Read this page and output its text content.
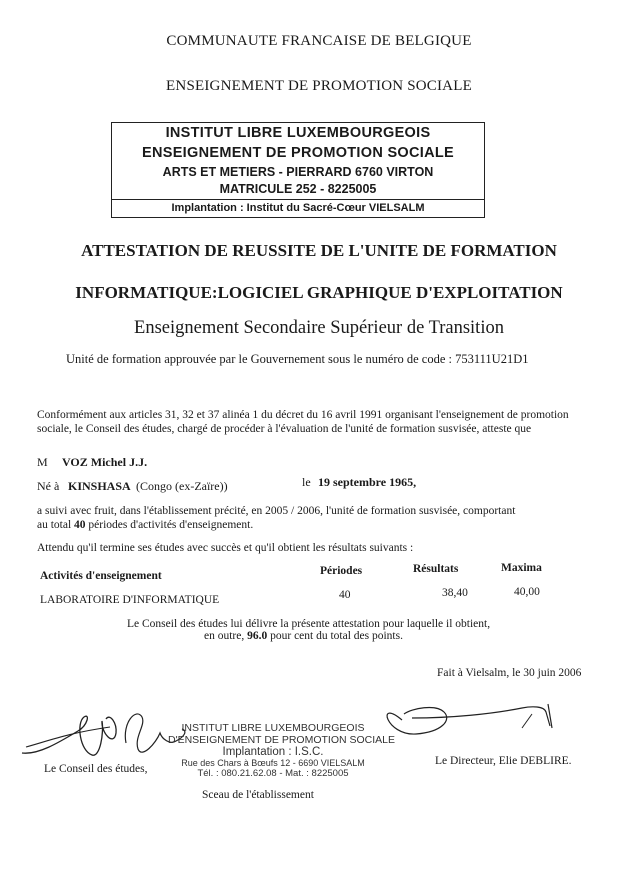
COMMUNAUTE FRANCAISE DE BELGIQUE
ENSEIGNEMENT DE PROMOTION SOCIALE
INSTITUT LIBRE LUXEMBOURGEOIS
ENSEIGNEMENT DE PROMOTION SOCIALE
ARTS ET METIERS - PIERRARD 6760 VIRTON
MATRICULE 252 - 8225005
Implantation : Institut du Sacré-Cœur VIELSALM
ATTESTATION DE REUSSITE DE L'UNITE DE FORMATION
INFORMATIQUE:LOGICIEL GRAPHIQUE D'EXPLOITATION
Enseignement Secondaire Supérieur de Transition
Unité de formation approuvée par le Gouvernement sous le numéro de code : 753111U21D1
Conformément aux articles 31, 32 et 37 alinéa 1 du décret du 16 avril 1991 organisant l'enseignement de promotion
sociale, le Conseil des études, chargé de procéder à l'évaluation de l'unité de formation susvisée, atteste que
M VOZ Michel J.J.
Né à KINSHASA (Congo (ex-Zaïre))	le 19 septembre 1965,
a suivi avec fruit, dans l'établissement précité, en 2005 / 2006, l'unité de formation susvisée, comportant
au total 40 périodes d'activités d'enseignement.
Attendu qu'il termine ses études avec succès et qu'il obtient les résultats suivants :
Activités d'enseignement	Périodes	Résultats	Maxima
LABORATOIRE D'INFORMATIQUE	40	38,40	40,00
Le Conseil des études lui délivre la présente attestation pour laquelle il obtient,
en outre, 96.0 pour cent du total des points.
Fait à Vielsalm, le 30 juin 2006
INSTITUT LIBRE LUXEMBOURGEOIS
D'ENSEIGNEMENT DE PROMOTION SOCIALE
Implantation : I.S.C.
Rue des Chars à Bœufs 12 - 6690 VIELSALM
Tél. : 080.21.62.08 - Mat. : 8225005
Sceau de l'établissement
Le Conseil des études,
Le Directeur, Elie DEBLIRE.
